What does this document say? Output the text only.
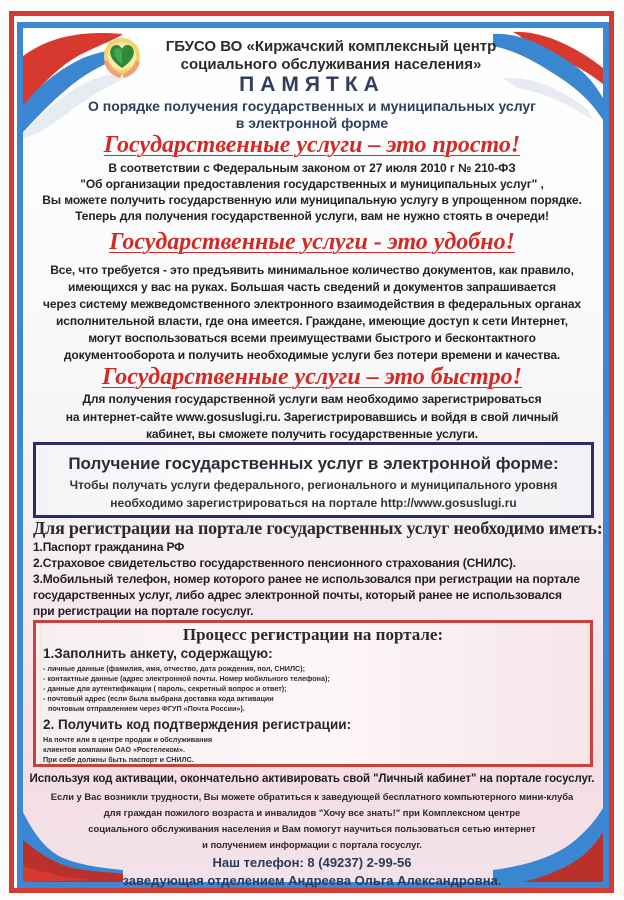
ГБУСО ВО «Киржачский комплексный центр
социального обслуживания населения»
ПАМЯТКА
О порядке получения государственных и муниципальных услуг
в электронной форме
Государственные услуги – это просто!
В соответствии с Федеральным законом от 27 июля 2010 г № 210-ФЗ
"Об организации предоставления государственных и муниципальных услуг" ,
Вы можете получить государственную или муниципальную услугу в упрощенном порядке.
Теперь для получения государственной услуги, вам не нужно стоять в очереди!
Государственные услуги - это удобно!
Все, что требуется - это предъявить минимальное количество документов, как правило,
имеющихся у вас на руках. Большая часть сведений и документов запрашивается
через систему межведомственного электронного взаимодействия в федеральных органах
исполнительной власти, где она имеется. Граждане, имеющие доступ к сети Интернет,
могут воспользоваться всеми преимуществами быстрого и бесконтактного
документооборота и получить необходимые услуги без потери времени и качества.
Государственные услуги – это быстро!
Для получения государственной услуги вам необходимо зарегистрироваться
на интернет-сайте www.gosuslugi.ru. Зарегистрировавшись и войдя в свой личный
кабинет, вы сможете получить государственные услуги.
Получение государственных услуг в электронной форме:
Чтобы получать услуги федерального, регионального и муниципального уровня
необходимо зарегистрироваться на портале http://www.gosuslugi.ru
Для регистрации на портале государственных услуг необходимо иметь:
1.Паспорт гражданина РФ
2.Страховое свидетельство государственного пенсионного страхования (СНИЛС).
3.Мобильный телефон, номер которого ранее не использовался при регистрации на портале
государственных услуг, либо адрес электронной почты, который ранее не использовался
при регистрации на портале госуслуг.
Процесс регистрации на портале:
1.Заполнить анкету, содержащую:
- личные данные (фамилия, имя, отчество, дата рождения, пол, СНИЛС);
- контактные данные (адрес электронной почты. Номер мобильного телефона);
- данные для аутентификации ( пароль, секретный вопрос и ответ);
- почтовый адрес (если была выбрана доставка кода активации
почтовым отправлением через ФГУП «Почта России»).
2. Получить код подтверждения регистрации:
На почте или в центре продаж и обслуживания
клиентов компании ОАО «Ростелеком».
При себе должны быть паспорт и СНИЛС.
Используя код активации, окончательно активировать свой "Личный кабинет" на портале госуслуг.
Если у Вас возникли трудности, Вы можете обратиться к заведующей бесплатного компьютерного мини-клуба
для граждан пожилого возраста и инвалидов "Хочу все знать!" при Комплексном центре
социального обслуживания населения и Вам помогут научиться пользоваться сетью интернет
и получением информации с портала госуслуг.
Наш телефон: 8 (49237) 2-99-56
заведующая отделением Андреева Ольга Александровна.
